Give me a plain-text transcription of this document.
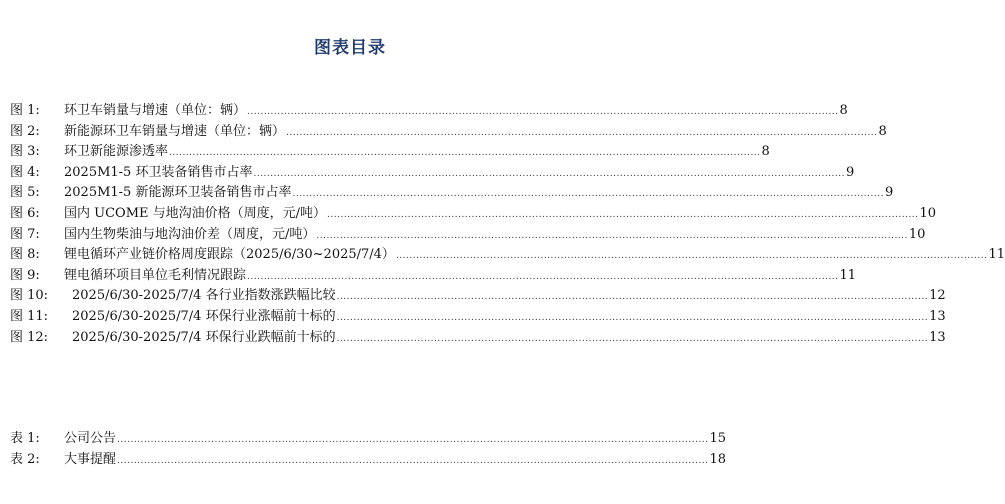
图表目录
图 1:	环卫车销量与增速（单位：辆） ................................................................................................................................................................................ 8
图 2:	新能源环卫车销量与增速（单位：辆） ................................................................................................................................................................................ 8
图 3:	环卫新能源渗透率 ................................................................................................................................................................................ 8
图 4:	2025M1-5 环卫装备销售市占率 ................................................................................................................................................................................ 9
图 5:	2025M1-5 新能源环卫装备销售市占率 ................................................................................................................................................................................ 9
图 6:	国内 UCOME 与地沟油价格（周度，元/吨） ................................................................................................................................................................................ 10
图 7:	国内生物柴油与地沟油价差（周度，元/吨） ................................................................................................................................................................................ 10
图 8:	锂电循环产业链价格周度跟踪（2025/6/30~2025/7/4） ................................................................................................................................................................................ 11
图 9:	锂电循环项目单位毛利情况跟踪 ................................................................................................................................................................................ 11
图 10:	2025/6/30-2025/7/4 各行业指数涨跌幅比较 ................................................................................................................................................................................ 12
图 11:	2025/6/30-2025/7/4 环保行业涨幅前十标的 ................................................................................................................................................................................ 13
图 12:	2025/6/30-2025/7/4 环保行业跌幅前十标的 ................................................................................................................................................................................ 13
表 1:	公司公告 ................................................................................................................................................................................ 15
表 2:	大事提醒 ................................................................................................................................................................................ 18
